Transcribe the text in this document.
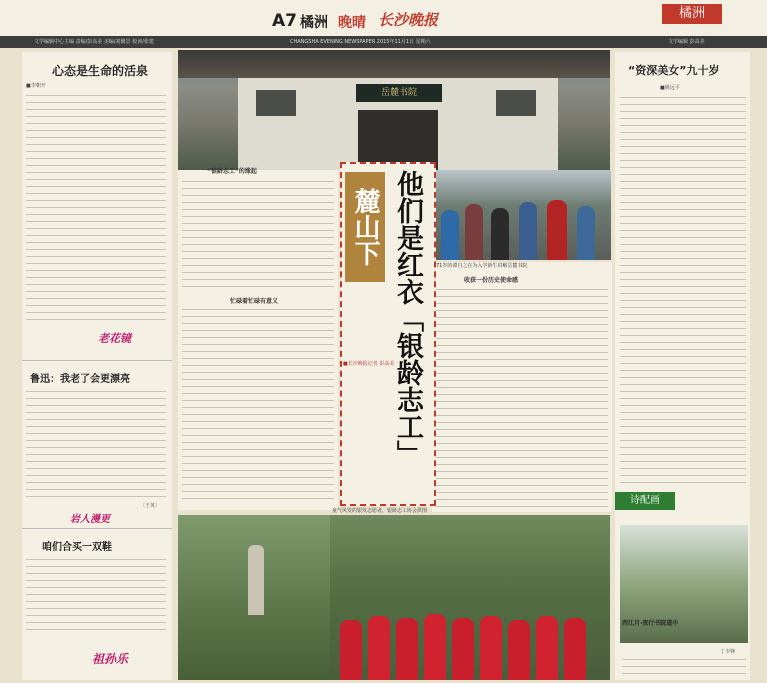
A7 橘洲 晚晴 长沙晚报	橘洲
文学编辑中心主编 责编/彭高美 美编/刘聚景 校读/张建	CHANGSHA EVENING NEWSPAPER 2015年11月1日 星期六	文学编辑 彭高美
心态是生命的活泉
■李朝开
老花镜
鲁迅：我老了会更漂亮
〔王英〕
岩人漫更
咱们合买一双鞋
祖孙乐
岳麓书院
“银龄志工”的缘起
忙碌着忙碌有意义
收获一份历史使命感
71岁的谭自之在为入学新生讲解岳麓书院
麓山下 他们是红衣「银龄志工」
■长沙晚报记者 彭高美
童气风发的银发志愿者，银龄志工协会供图
“资深美女”九十岁
■姚远平
诗配画
西江月·夜行书院道中
丁少锋
